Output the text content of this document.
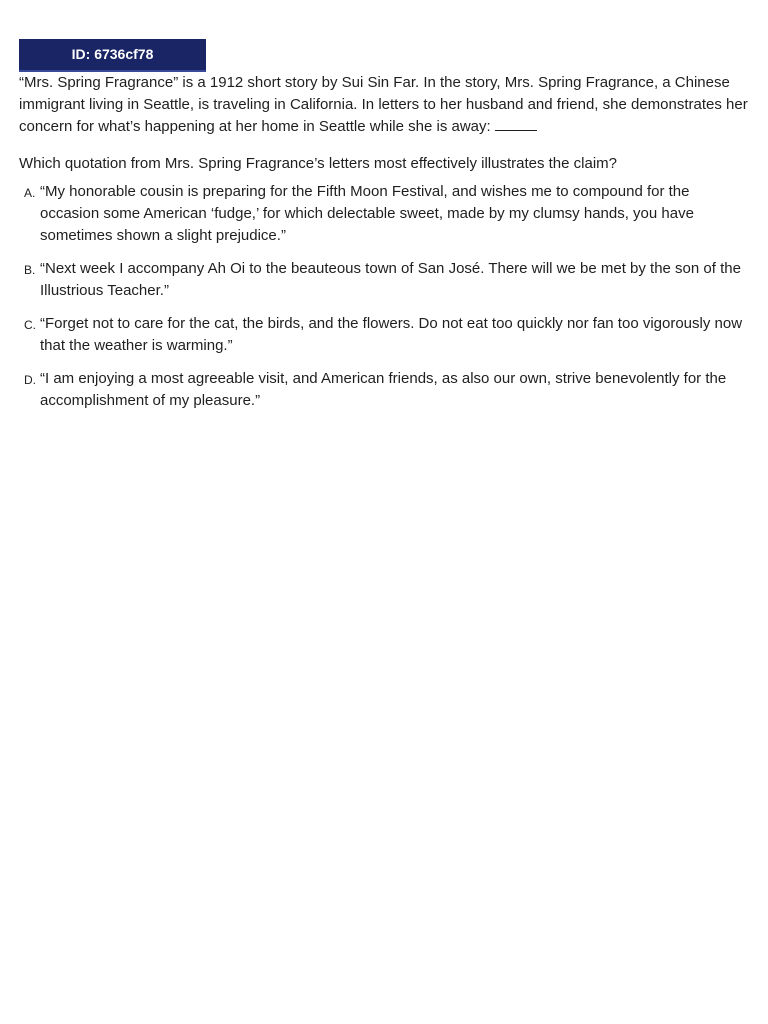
ID: 6736cf78

“Mrs. Spring Fragrance” is a 1912 short story by Sui Sin Far. In the story, Mrs. Spring Fragrance, a Chinese immigrant living in Seattle, is traveling in California. In letters to her husband and friend, she demonstrates her concern for what’s happening at her home in Seattle while she is away:

Which quotation from Mrs. Spring Fragrance’s letters most effectively illustrates the claim?

A. “My honorable cousin is preparing for the Fifth Moon Festival, and wishes me to compound for the occasion some American ‘fudge,’ for which delectable sweet, made by my clumsy hands, you have sometimes shown a slight prejudice.”
B. “Next week I accompany Ah Oi to the beauteous town of San José. There will we be met by the son of the Illustrious Teacher.”
C. “Forget not to care for the cat, the birds, and the flowers. Do not eat too quickly nor fan too vigorously now that the weather is warming.”
D. “I am enjoying a most agreeable visit, and American friends, as also our own, strive benevolently for the accomplishment of my pleasure.”
